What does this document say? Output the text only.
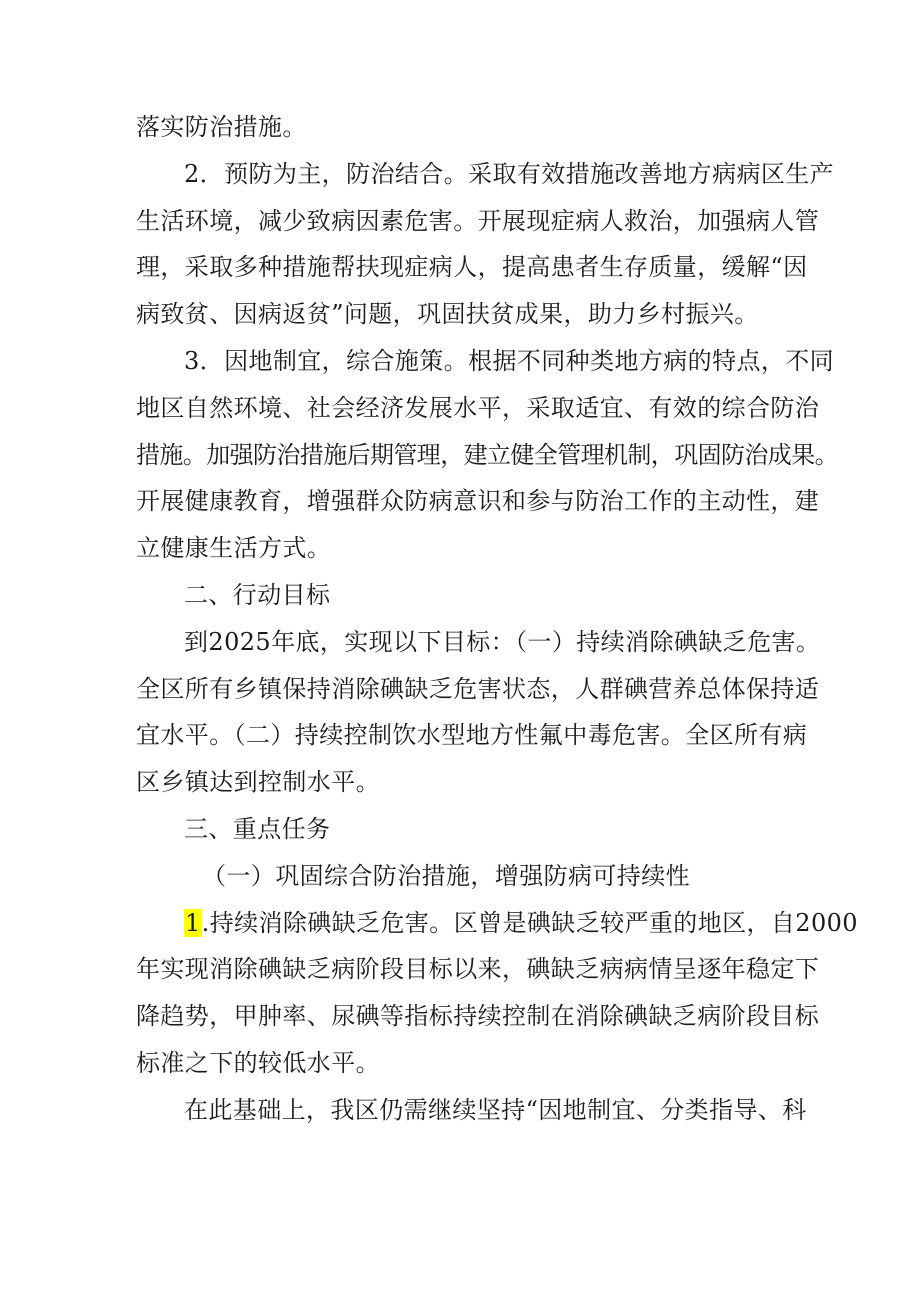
落实防治措施。
2．预防为主，防治结合。采取有效措施改善地方病病区生产
生活环境，减少致病因素危害。开展现症病人救治，加强病人管
理，采取多种措施帮扶现症病人，提高患者生存质量，缓解“因
病致贫、因病返贫”问题，巩固扶贫成果，助力乡村振兴。
3．因地制宜，综合施策。根据不同种类地方病的特点，不同
地区自然环境、社会经济发展水平，采取适宜、有效的综合防治
措施。加强防治措施后期管理，建立健全管理机制，巩固防治成果。
开展健康教育，增强群众防病意识和参与防治工作的主动性，建
立健康生活方式。
二、行动目标
到2025年底，实现以下目标：（一）持续消除碘缺乏危害。
全区所有乡镇保持消除碘缺乏危害状态，人群碘营养总体保持适
宜水平。（二）持续控制饮水型地方性氟中毒危害。全区所有病
区乡镇达到控制水平。
三、重点任务
（一）巩固综合防治措施，增强防病可持续性
1.持续消除碘缺乏危害。区曾是碘缺乏较严重的地区，自2000
年实现消除碘缺乏病阶段目标以来，碘缺乏病病情呈逐年稳定下
降趋势，甲肿率、尿碘等指标持续控制在消除碘缺乏病阶段目标
标准之下的较低水平。
在此基础上，我区仍需继续坚持“因地制宜、分类指导、科
